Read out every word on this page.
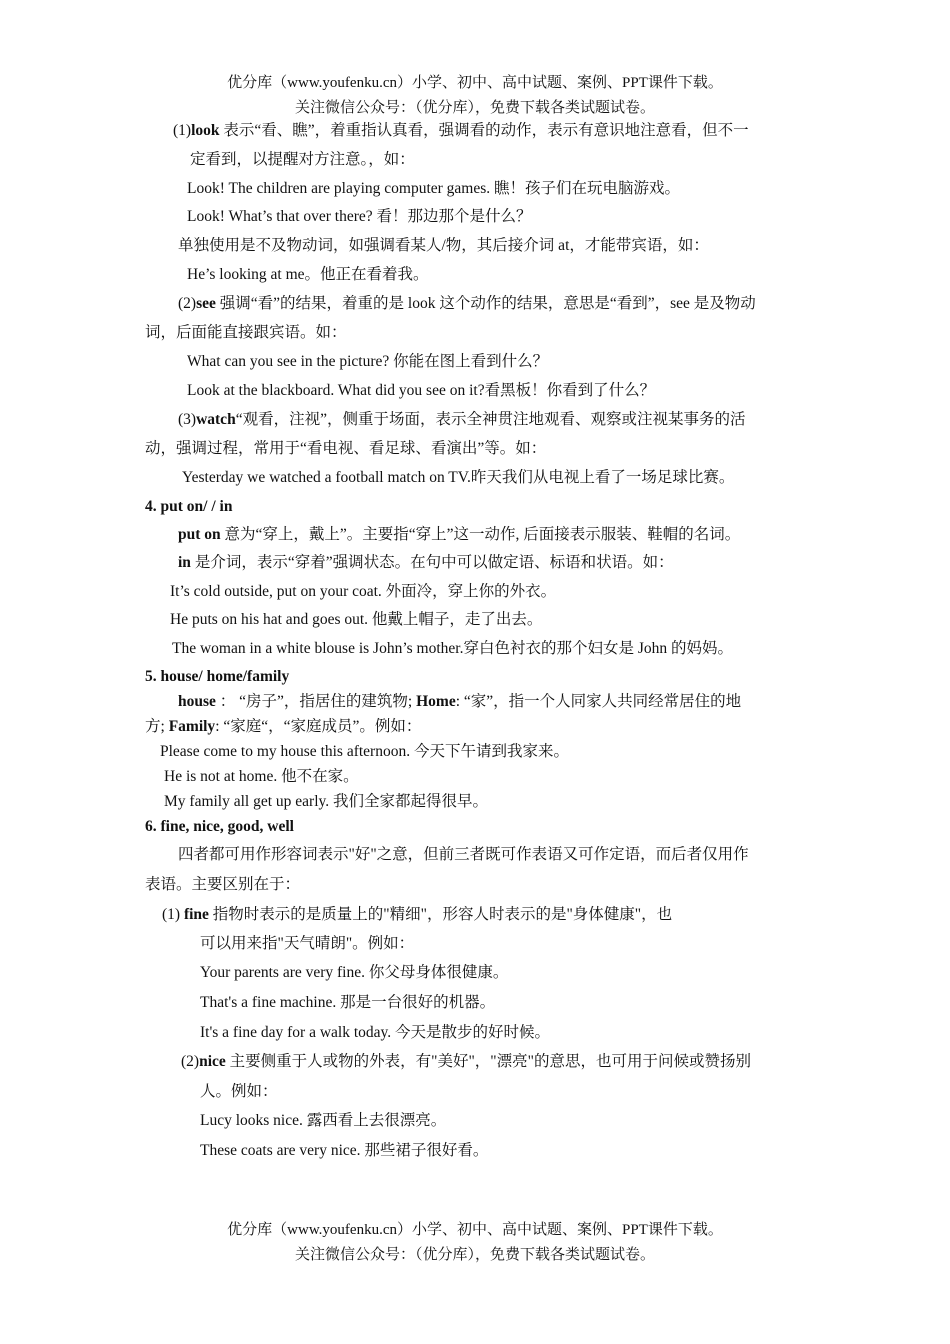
优分库（www.youfenku.cn）小学、初中、高中试题、案例、PPT课件下载。
关注微信公众号：（优分库），免费下载各类试题试卷。
(1)look 表示“看、瞧”，着重指认真看，强调看的动作，表示有意识地注意看，但不一
定看到，以提醒对方注意。，如：
Look! The children are playing computer games. 瞧！孩子们在玩电脑游戏。
Look! What’s that over there? 看！那边那个是什么？
单独使用是不及物动词，如强调看某人/物，其后接介词 at，才能带宾语，如：
He’s looking at me。他正在看着我。
(2)see 强调“看”的结果，着重的是 look 这个动作的结果，意思是“看到”，see 是及物动
词，后面能直接跟宾语。如：
What can you see in the picture? 你能在图上看到什么？
Look at the blackboard. What did you see on it?看黑板！你看到了什么？
(3)watch“观看，注视”，侧重于场面，表示全神贯注地观看、观察或注视某事务的活
动，强调过程，常用于“看电视、看足球、看演出”等。如：
Yesterday we watched a football match on TV.昨天我们从电视上看了一场足球比赛。
4. put on/ / in
put on 意为“穿上，戴上”。主要指“穿上”这一动作, 后面接表示服装、鞋帽的名词。
in 是介词，表示“穿着”强调状态。在句中可以做定语、标语和状语。如：
It’s cold outside, put on your coat. 外面冷，穿上你的外衣。
He puts on his hat and goes out. 他戴上帽子，走了出去。
The woman in a white blouse is John’s mother.穿白色衬衣的那个妇女是 John 的妈妈。
5. house/ home/family
house ： “房子”，指居住的建筑物; Home: “家”，指一个人同家人共同经常居住的地
方; Family: “家庭“，“家庭成员”。例如：
Please come to my house this afternoon. 今天下午请到我家来。
He is not at home. 他不在家。
My family all get up early. 我们全家都起得很早。
6. fine, nice, good, well
四者都可用作形容词表示"好"之意，但前三者既可作表语又可作定语，而后者仅用作
表语。主要区别在于：
(1) fine 指物时表示的是质量上的"精细"，形容人时表示的是"身体健康"，也
可以用来指"天气晴朗"。例如：
Your parents are very fine. 你父母身体很健康。
That's a fine machine. 那是一台很好的机器。
It's a fine day for a walk today. 今天是散步的好时候。
(2)nice 主要侧重于人或物的外表，有"美好"，"漂亮"的意思，也可用于问候或赞扬别
人。例如：
Lucy looks nice. 露西看上去很漂亮。
These coats are very nice. 那些裙子很好看。
优分库（www.youfenku.cn）小学、初中、高中试题、案例、PPT课件下载。
关注微信公众号：（优分库），免费下载各类试题试卷。
